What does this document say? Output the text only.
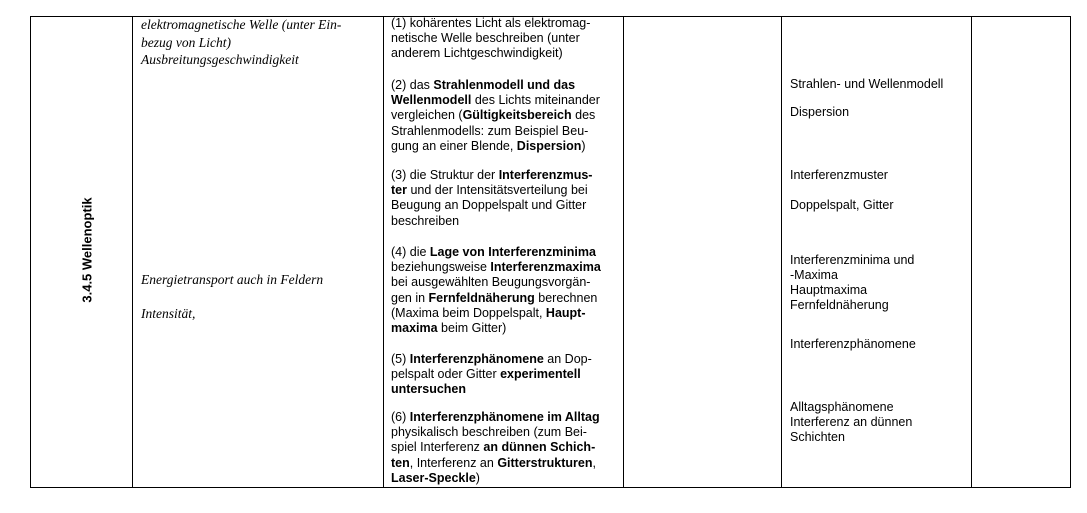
3.4.5 Wellenoptik
elektromagnetische Welle (unter Ein-
bezug von Licht)
Ausbreitungsgeschwindigkeit
Energietransport auch in Feldern
Intensität,

(1) kohärentes Licht als elektromag-

netische Welle beschreiben (unter

anderem Lichtgeschwindigkeit)

(2) das Strahlenmodell und das

Wellenmodell des Lichts miteinander

vergleichen (Gültigkeitsbereich des

Strahlenmodells: zum Beispiel Beu-

gung an einer Blende, Dispersion)

(3) die Struktur der Interferenzmus-

ter und der Intensitätsverteilung bei

Beugung an Doppelspalt und Gitter

beschreiben

(4) die Lage von Interferenzminima

beziehungsweise Interferenzmaxima

bei ausgewählten Beugungsvorgän-

gen in Fernfeldnäherung berechnen

(Maxima beim Doppelspalt, Haupt-

maxima beim Gitter)

(5) Interferenzphänomene an Dop-

pelspalt oder Gitter experimentell

untersuchen

(6) Interferenzphänomene im Alltag

physikalisch beschreiben (zum Bei-

spiel Interferenz an dünnen Schich-

ten, Interferenz an Gitterstrukturen,

Laser-Speckle)

Strahlen- und Wellenmodell
Dispersion
Interferenzmuster
Doppelspalt, Gitter
Interferenzminima und
-Maxima
Hauptmaxima
Fernfeldnäherung
Interferenzphänomene
Alltagsphänomene
Interferenz an dünnen
Schichten
